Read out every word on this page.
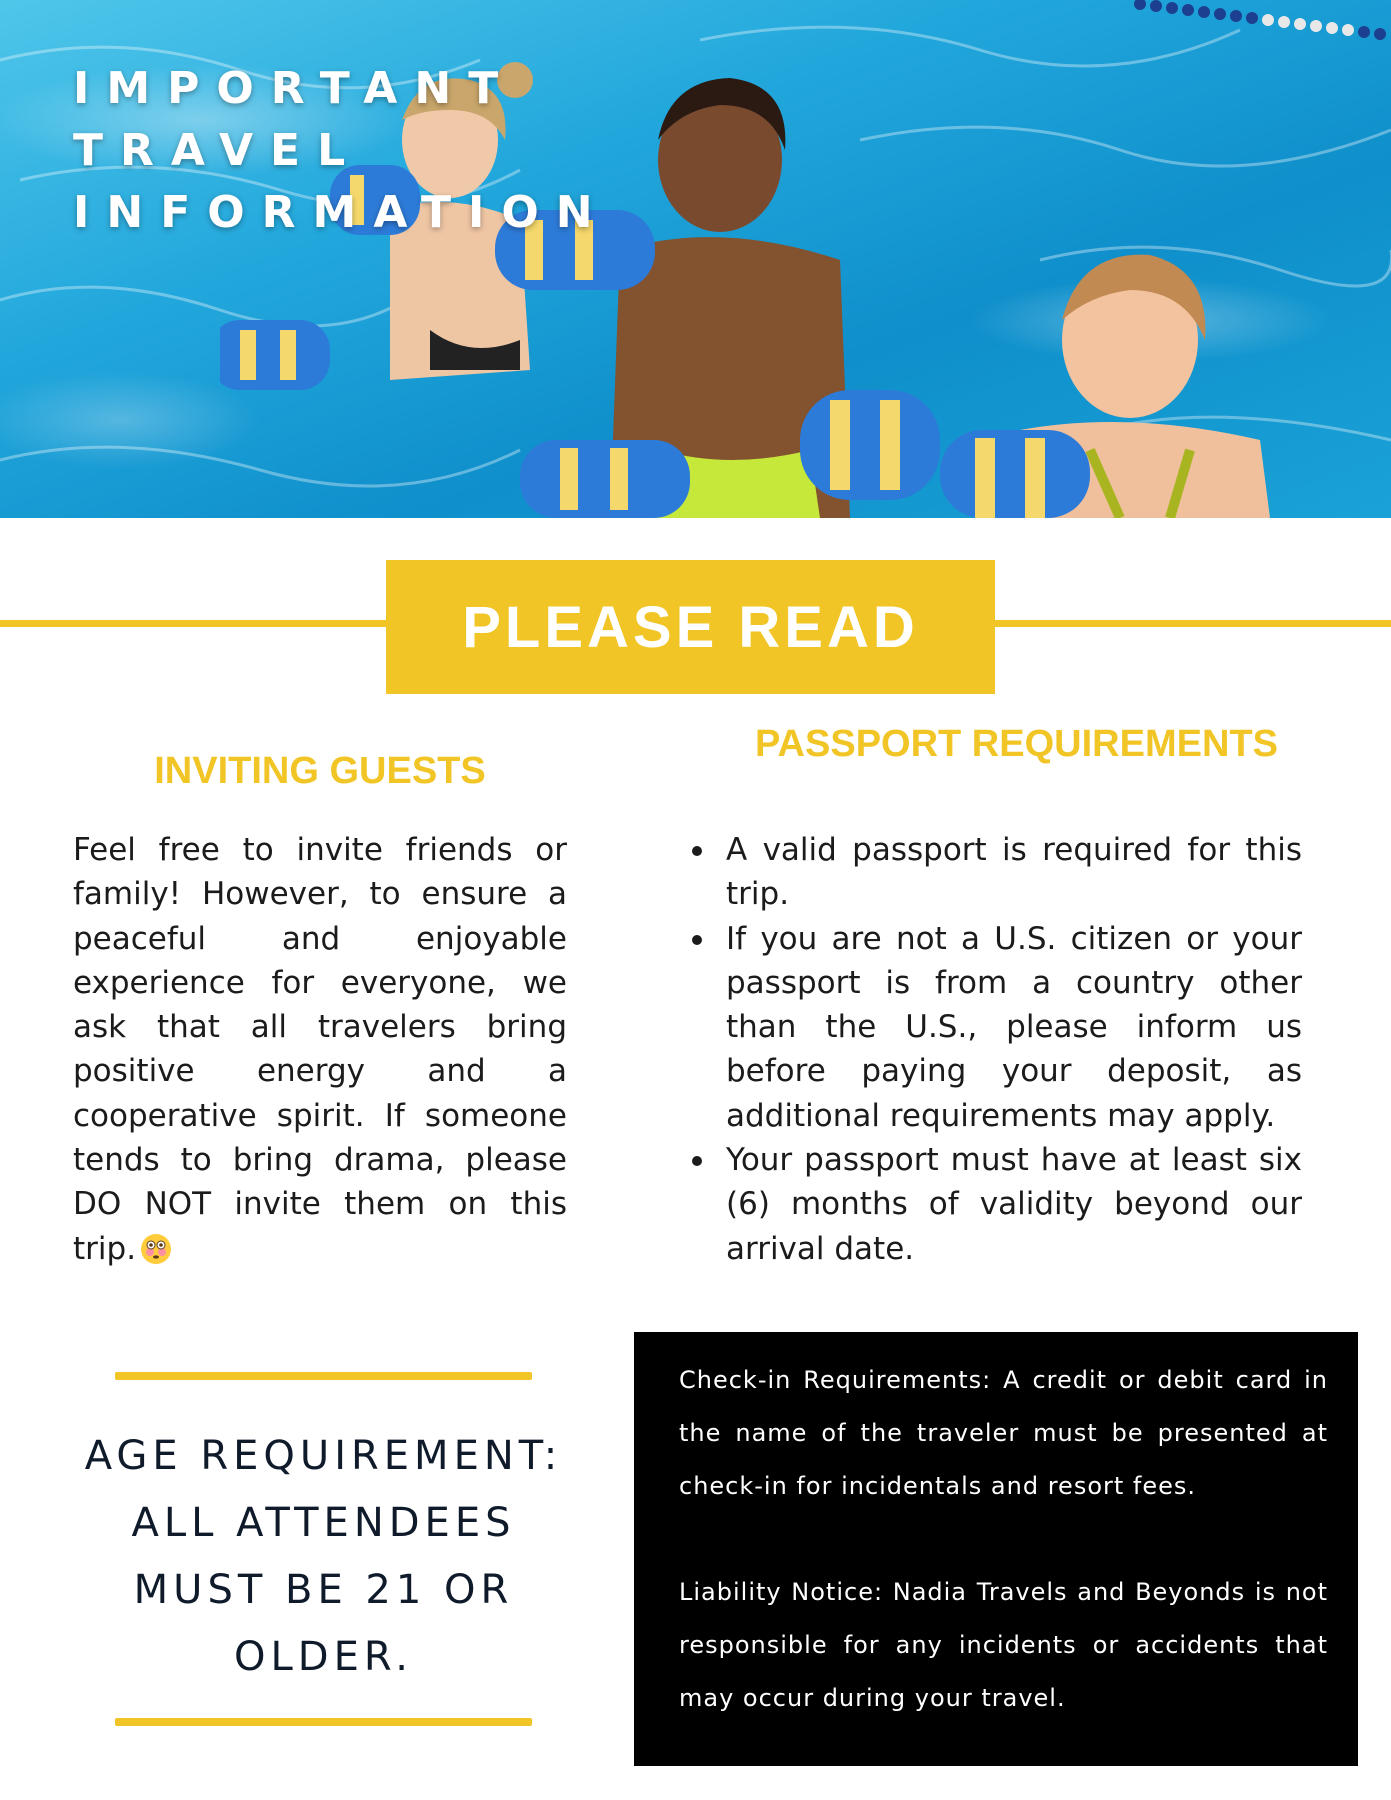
IMPORTANT
TRAVEL
INFORMATION
PLEASE READ
INVITING GUESTS

Feel free to invite friends or family! However, to ensure a peaceful and enjoyable experience for everyone, we ask that all travelers bring positive energy and a cooperative spirit. If someone tends to bring drama, please DO NOT invite them on this trip.

PASSPORT REQUIREMENTS
A valid passport is required for this trip.
If you are not a U.S. citizen or your passport is from a country other than the U.S., please inform us before paying your deposit, as additional requirements may apply.
Your passport must have at least six (6) months of validity beyond our arrival date.

AGE REQUIREMENT: ALL ATTENDEES MUST BE 21 OR OLDER.

Check-in Requirements: A credit or debit card in the name of the traveler must be presented at check-in for incidentals and resort fees.

Liability Notice: Nadia Travels and Beyonds is not responsible for any incidents or accidents that may occur during your travel.
